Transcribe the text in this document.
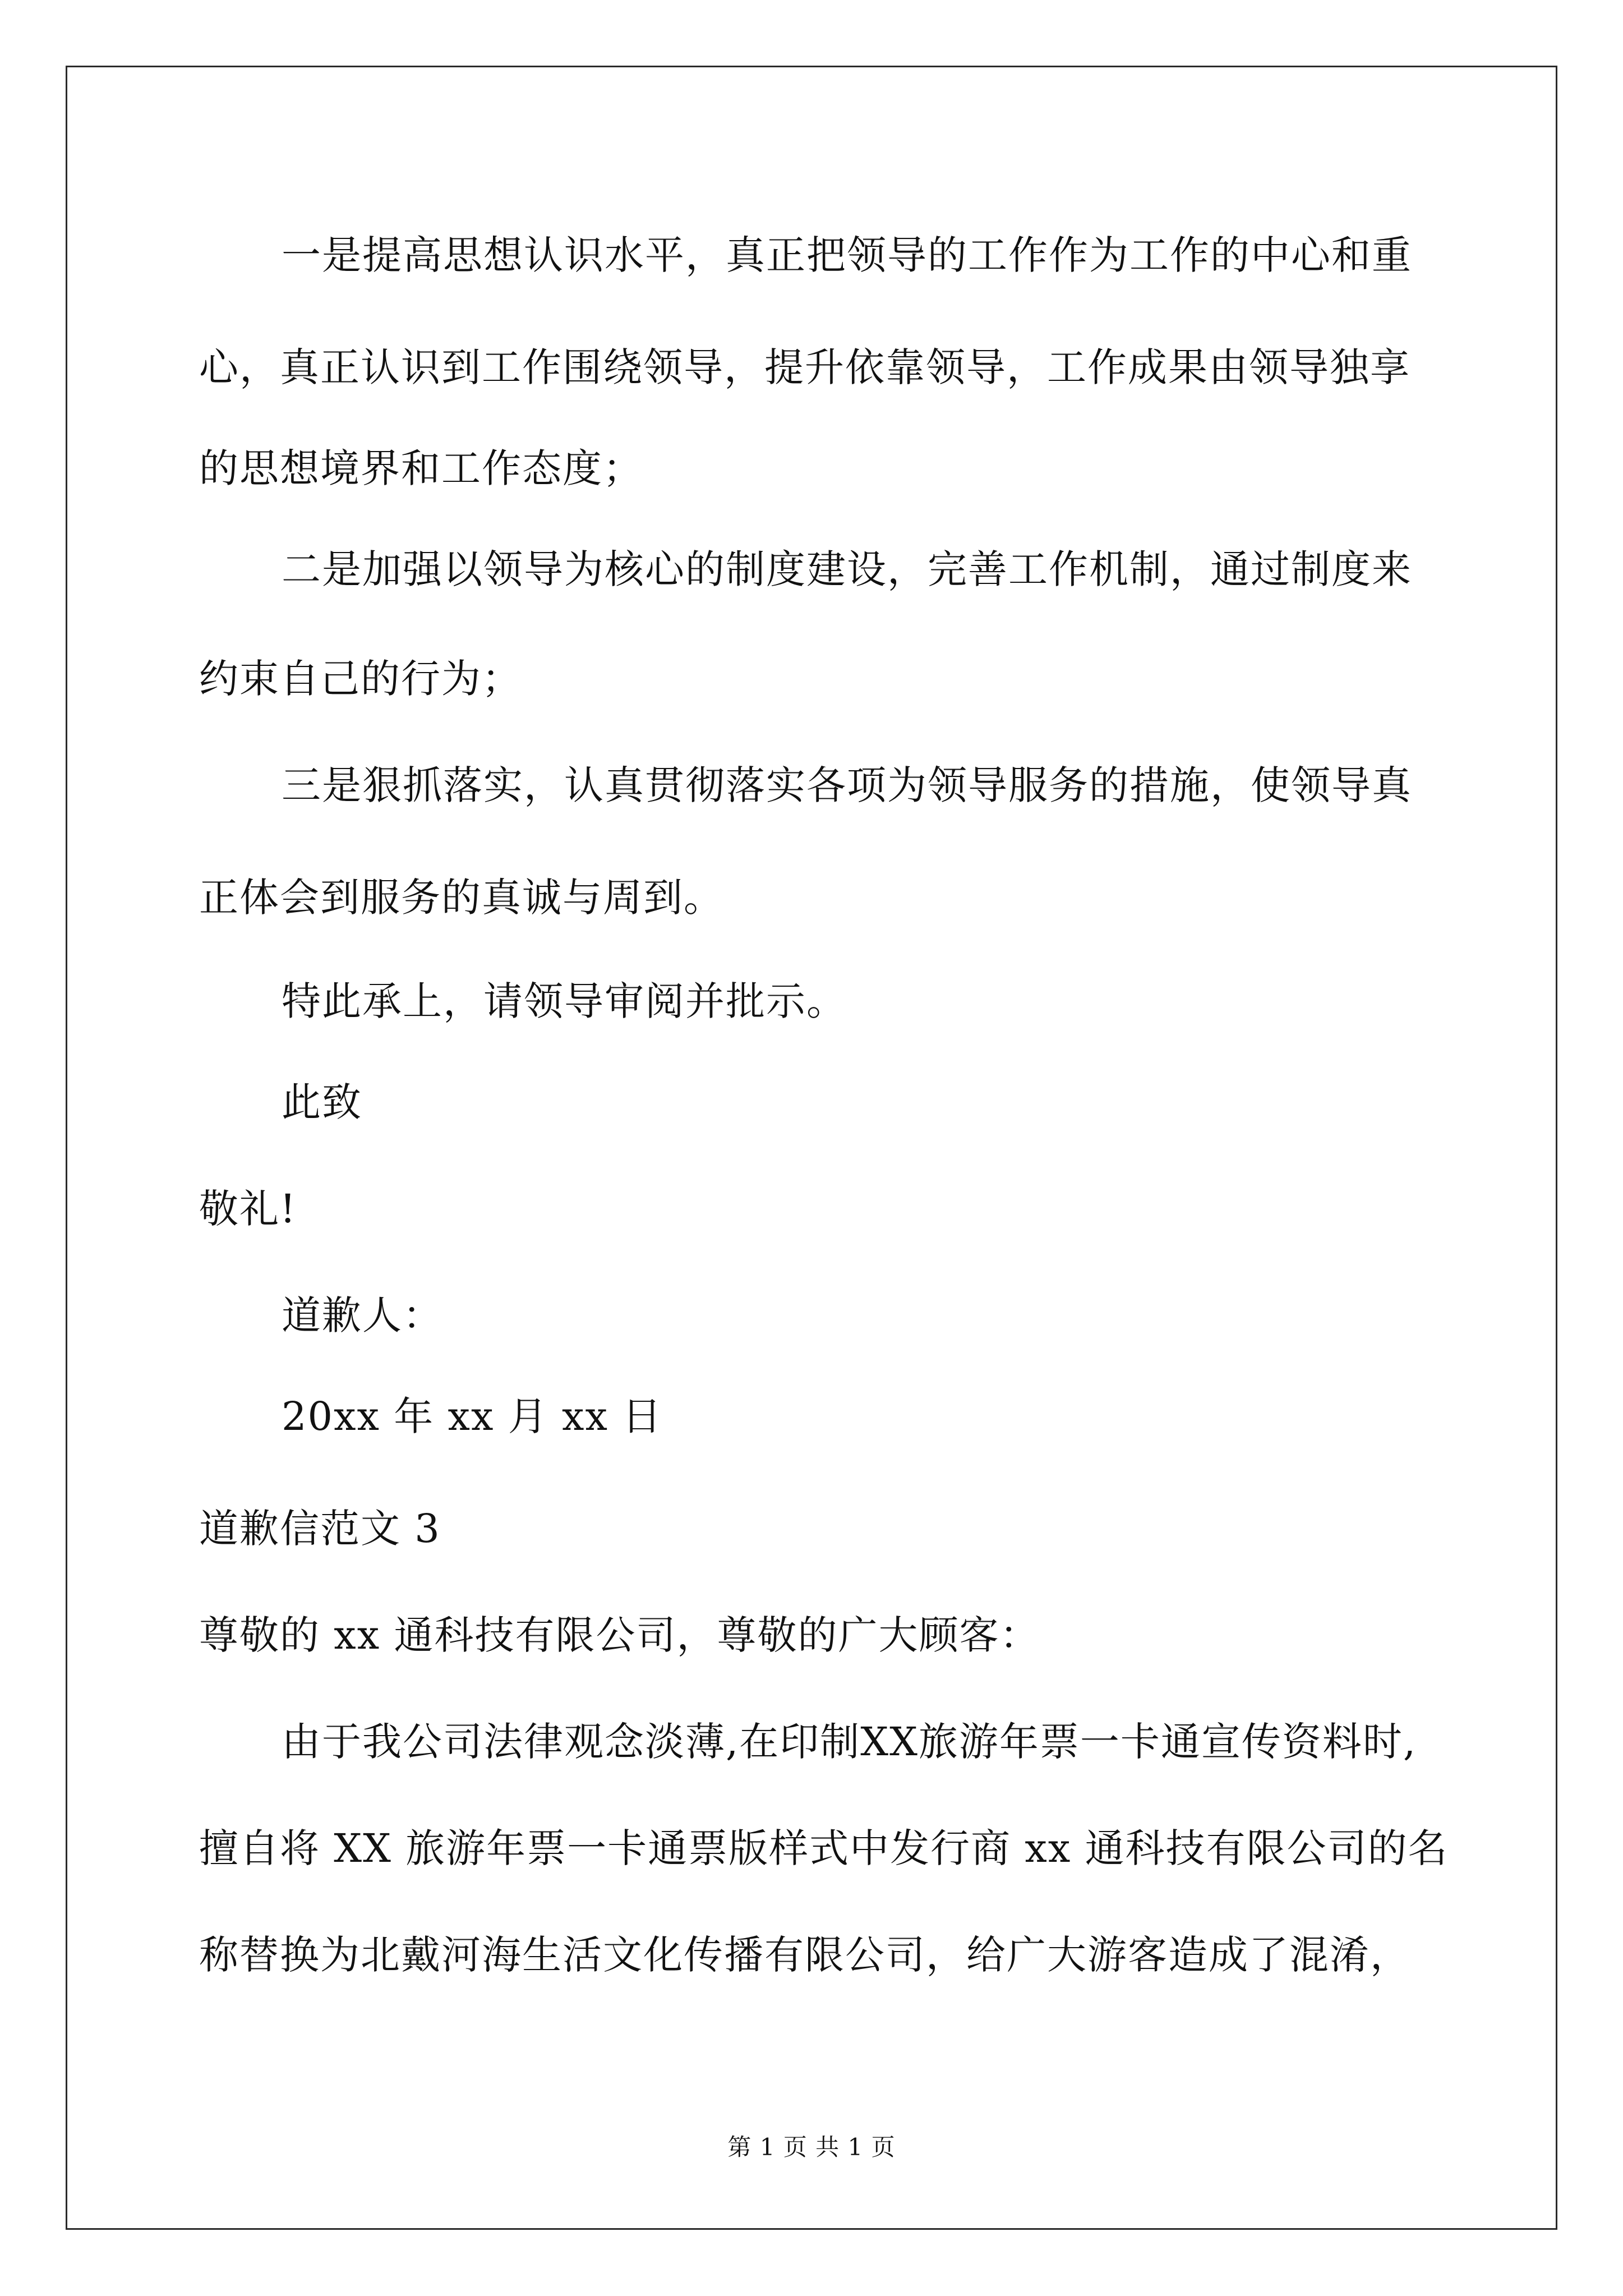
一是提高思想认识水平，真正把领导的工作作为工作的中心和重
心，真正认识到工作围绕领导，提升依靠领导，工作成果由领导独享
的思想境界和工作态度；
二是加强以领导为核心的制度建设，完善工作机制，通过制度来
约束自己的行为；
三是狠抓落实，认真贯彻落实各项为领导服务的措施，使领导真
正体会到服务的真诚与周到。
特此承上，请领导审阅并批示。
此致
敬礼!
道歉人：
20xx 年 xx 月 xx 日
道歉信范文 3
尊敬的 xx 通科技有限公司，尊敬的广大顾客：
由于我公司法律观念淡薄,在印制XX旅游年票一卡通宣传资料时,
擅自将 XX 旅游年票一卡通票版样式中发行商 xx 通科技有限公司的名
称替换为北戴河海生活文化传播有限公司，给广大游客造成了混淆，
第 1 页 共 1 页
